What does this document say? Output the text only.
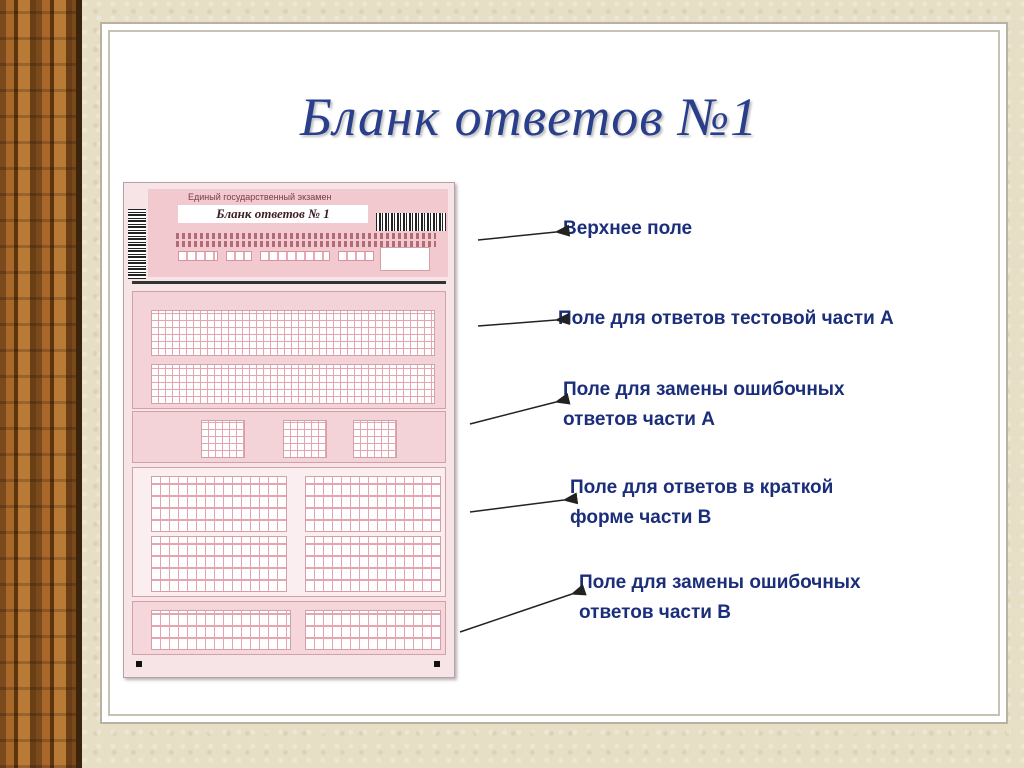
Бланк ответов №1
Единый государственный экзамен
Бланк ответов № 1
Верхнее поле
Поле для ответов тестовой части А
Поле для замены ошибочных
ответов части А
Поле для ответов в краткой
форме части В
Поле для замены ошибочных
ответов части В
